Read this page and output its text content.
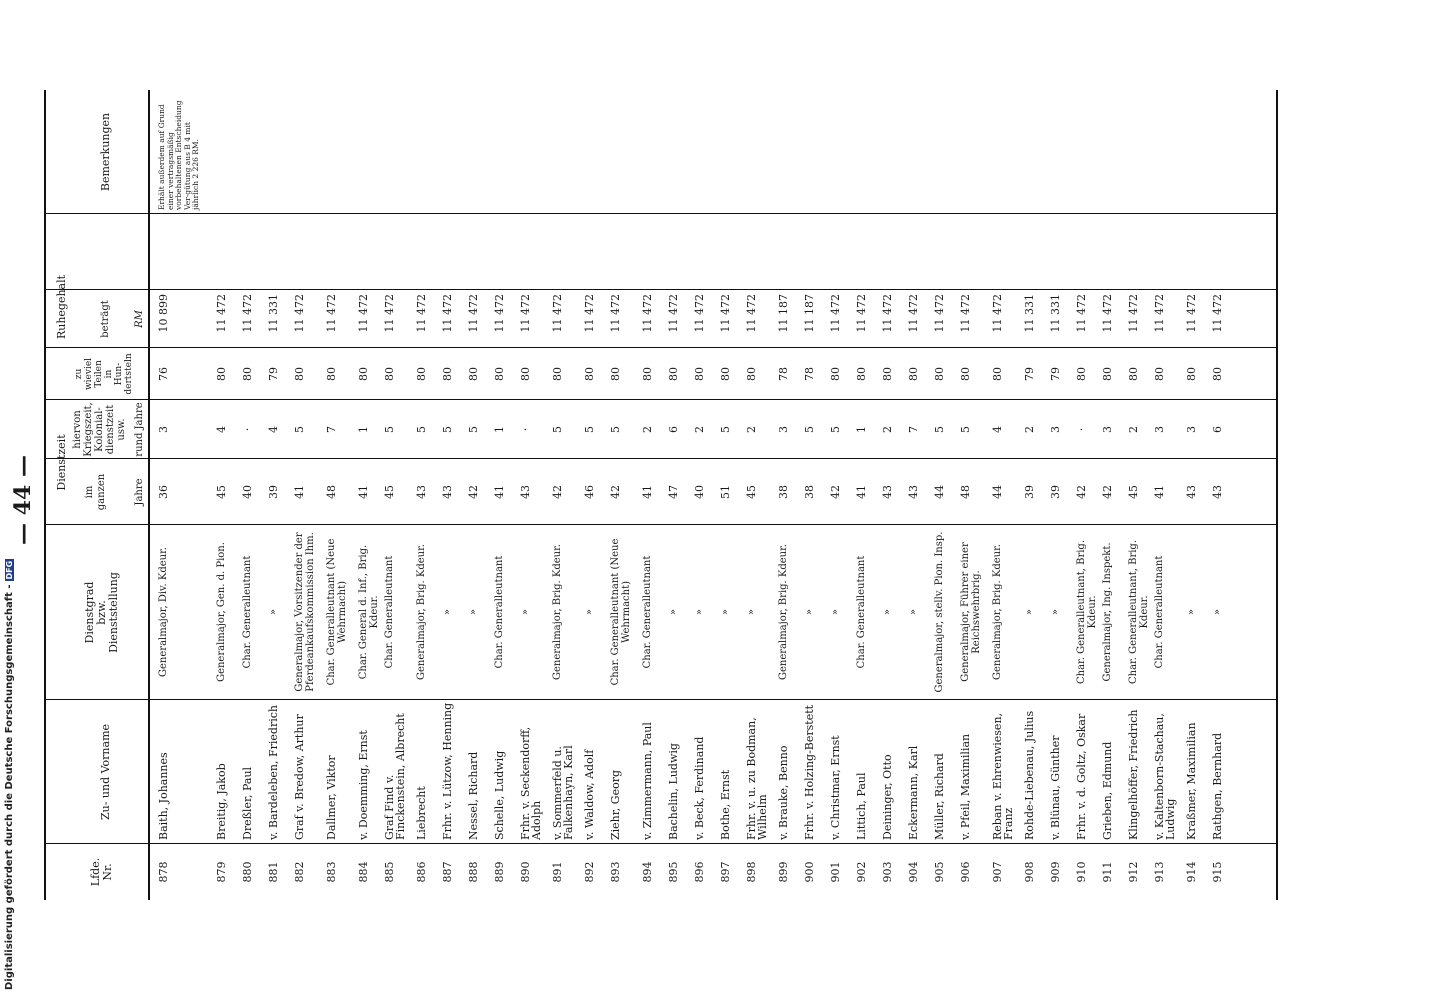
— 44 —
Lfde.
Nr.
Zu- und Vorname
Dienstgrad
bzw.
Dienststellung
Dienstzeit
im
ganzen
hiervon
Kriegszeit,
Kolonial-
dienstzeit
usw.
Jahre
rund Jahre
Ruhegehalt
zu
wieviel
Teilen
in
Hun-
dertsteln
beträgt RM
Bemerkungen
878
Baith, Johannes
Generalmajor, Div. Kdeur.
36
3
76
10 899
Erhält außerdem auf Grund einer vertragsmäßig vorbehaltenen Entscheidung Ver-gütung aus B 4 mit jährlich 2 226 RM.
879
Breitig, Jakob
Generalmajor, Gen. d. Pion.
45
4
80
11 472
880
Dreßler, Paul
Char. Generalleutnant
40
·
80
11 472
881
v. Bardeleben, Friedrich
»
39
4
79
11 331
882
Graf v. Bredow, Arthur
Generalmajor, Vorsitzender der Pferdeankaufskommission Ihm.
41
5
80
11 472
883
Dallmer, Viktor
Char. Generalleutnant (Neue Wehrmacht)
48
7
80
11 472
884
v. Doemming, Ernst
Char. General d. Inf., Brig. Kdeur.
41
1
80
11 472
885
Graf Find v. Finckenstein, Albrecht
Char. Generalleutnant
45
5
80
11 472
886
Liebrecht
Generalmajor, Brig. Kdeur.
43
5
80
11 472
887
Frhr. v. Lützow, Henning
»
43
5
80
11 472
888
Nessel, Richard
»
42
5
80
11 472
889
Schelle, Ludwig
Char. Generalleutnant
41
1
80
11 472
890
Frhr. v. Seckendorff, Adolph
»
43
·
80
11 472
891
v. Sommerfeld u. Falkenhayn, Karl
Generalmajor, Brig. Kdeur.
42
5
80
11 472
892
v. Waldow, Adolf
»
46
5
80
11 472
893
Ziehr, Georg
Char. Generalleutnant (Neue Wehrmacht)
42
5
80
11 472
894
v. Zimmermann, Paul
Char. Generalleutnant
41
2
80
11 472
895
Bachelin, Ludwig
»
47
6
80
11 472
896
v. Beck, Ferdinand
»
40
2
80
11 472
897
Bothe, Ernst
»
51
5
80
11 472
898
Frhr. v. u. zu Bodman, Wilhelm
»
45
2
80
11 472
899
v. Brauke, Benno
Generalmajor, Brig. Kdeur.
38
3
78
11 187
900
Frhr. v. Holzing-Berstett
»
38
5
78
11 187
901
v. Christmar, Ernst
»
42
5
80
11 472
902
Littich, Paul
Char. Generalleutnant
41
1
80
11 472
903
Deininger, Otto
»
43
2
80
11 472
904
Eckermann, Karl
»
43
7
80
11 472
905
Müller, Richard
Generalmajor, stellv. Pion. Insp.
44
5
80
11 472
906
v. Pfeil, Maximilian
Generalmajor, Führer einer Reichswehrbrig.
48
5
80
11 472
907
Reban v. Ehrenwiesen, Franz
Generalmajor, Brig. Kdeur.
44
4
80
11 472
908
Rohde-Liebenau, Julius
»
39
2
79
11 331
909
v. Blünau, Günther
»
39
3
79
11 331
910
Frhr. v. d. Goltz, Oskar
Char. Generalleutnant, Brig. Kdeur.
42
·
80
11 472
911
Grieben, Edmund
Generalmajor, Ing. Inspekt.
42
3
80
11 472
912
Klingelhöffer, Friedrich
Char. Generalleutnant, Brig. Kdeur.
45
2
80
11 472
913
v. Kaltenborn-Stachau, Ludwig
Char. Generalleutnant
41
3
80
11 472
914
Kraßmer, Maximilian
»
43
3
80
11 472
915
Rathgen, Bernhard
»
43
6
80
11 472
Digitalisierung gefördert durch die Deutsche Forschungsgemeinschaft -DFG
